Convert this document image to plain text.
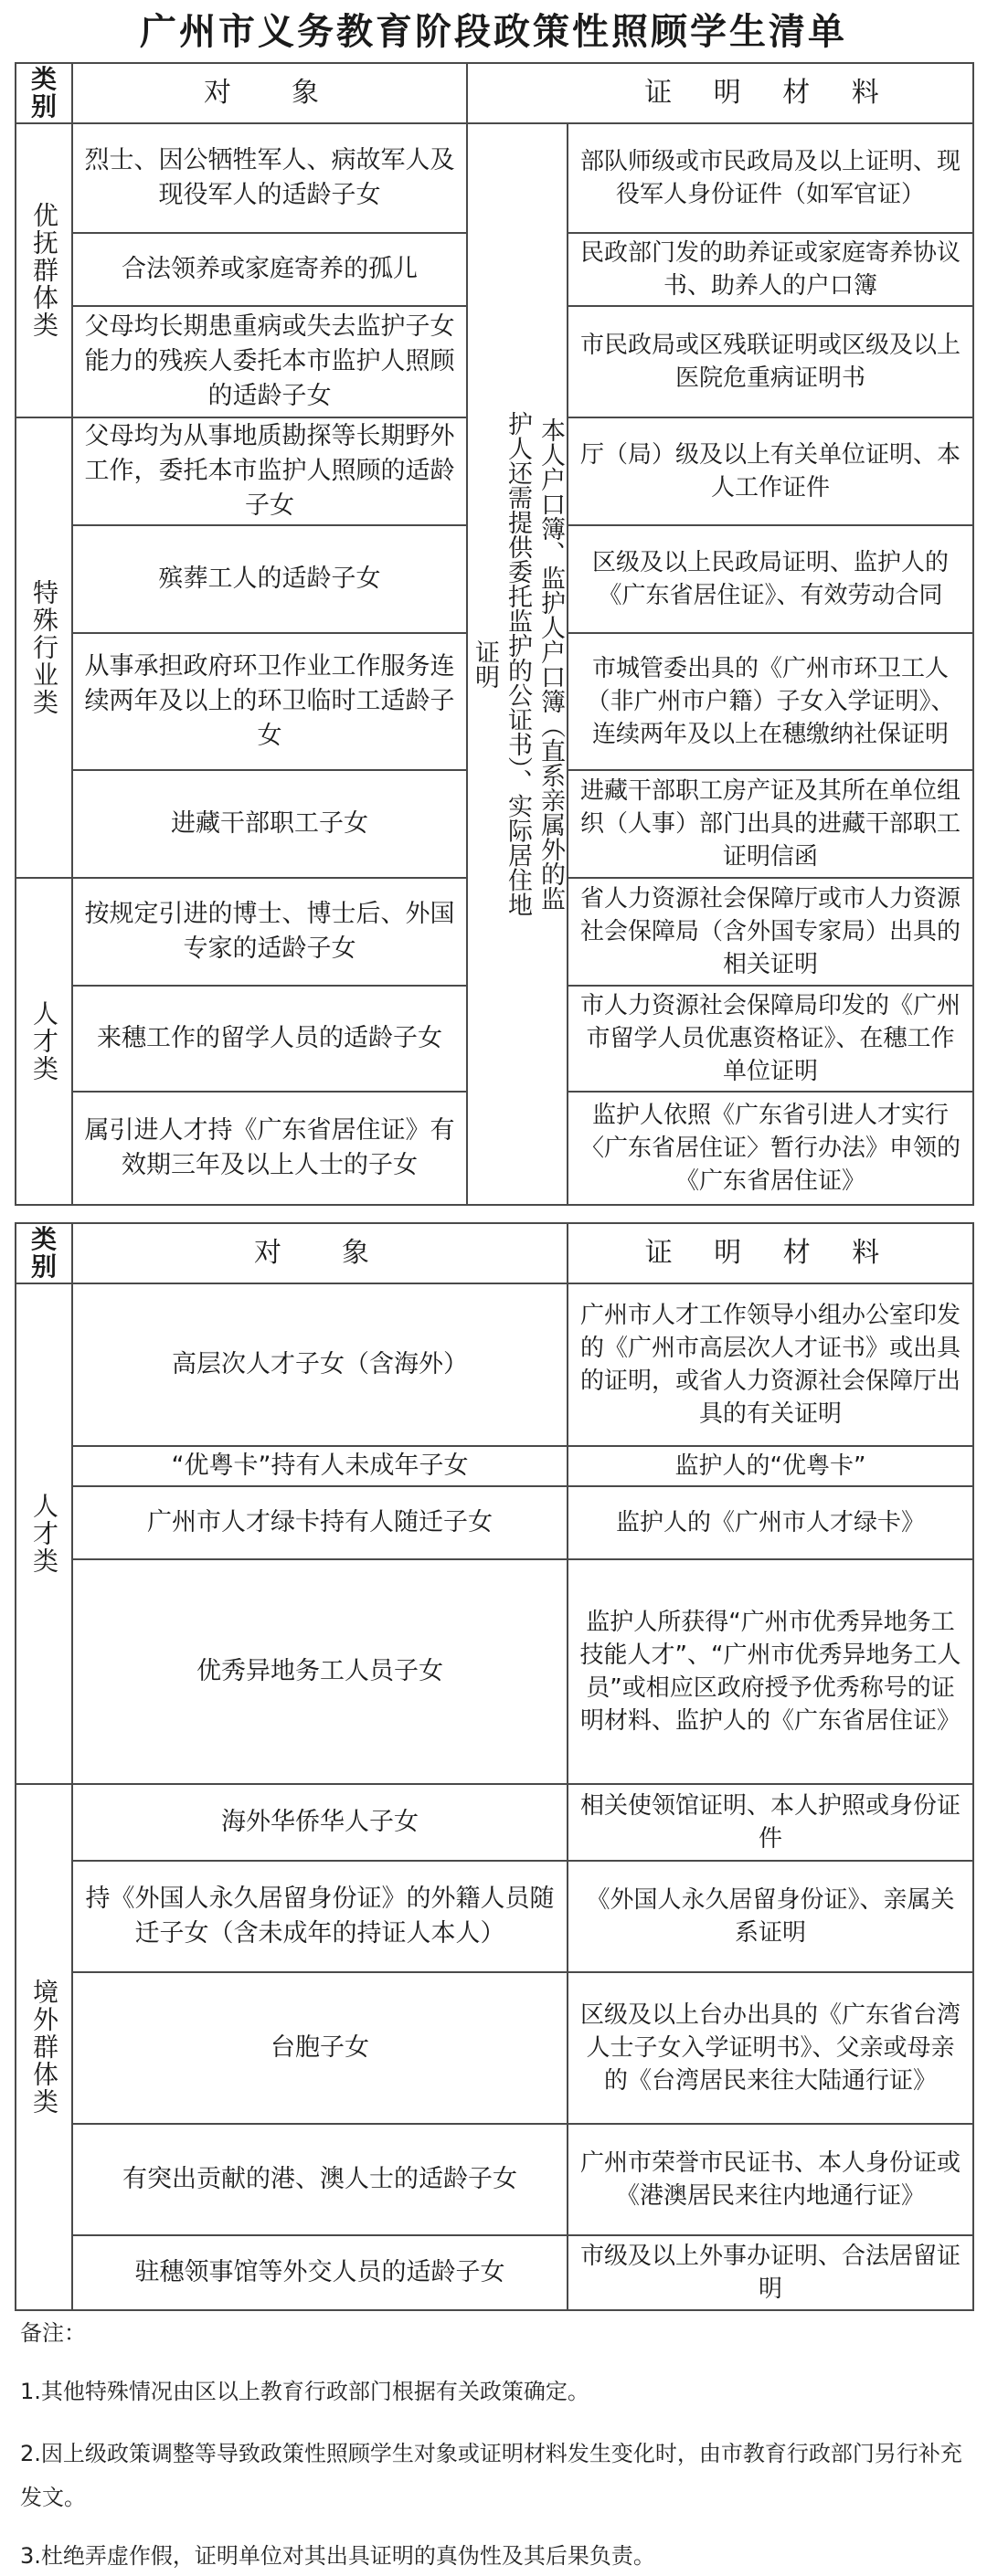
广州市义务教育阶段政策性照顾学生清单
类别	对　象		证 明 材 料

优抚群体类	烈士、因公牺牲军人、病故军人及现役军人的适龄子女	本人户口簿、监护人户口簿（直系亲属外的监护人还需提供委托监护的公证书）、实际居住地证明	部队师级或市民政局及以上证明、现役军人身份证件（如军官证）
	合法领养或家庭寄养的孤儿		民政部门发的助养证或家庭寄养协议书、助养人的户口簿
	父母均长期患重病或失去监护子女能力的残疾人委托本市监护人照顾的适龄子女		市民政局或区残联证明或区级及以上医院危重病证明书

特殊行业类	父母均为从事地质勘探等长期野外工作，委托本市监护人照顾的适龄子女		厅（局）级及以上有关单位证明、本人工作证件
	殡葬工人的适龄子女		区级及以上民政局证明、监护人的《广东省居住证》、有效劳动合同
	从事承担政府环卫作业工作服务连续两年及以上的环卫临时工适龄子女		市城管委出具的《广州市环卫工人（非广州市户籍）子女入学证明》、连续两年及以上在穗缴纳社保证明
	进藏干部职工子女		进藏干部职工房产证及其所在单位组织（人事）部门出具的进藏干部职工证明信函

人才类	按规定引进的博士、博士后、外国专家的适龄子女		省人力资源社会保障厅或市人力资源社会保障局（含外国专家局）出具的相关证明
	来穗工作的留学人员的适龄子女		市人力资源社会保障局印发的《广州市留学人员优惠资格证》、在穗工作单位证明
	属引进人才持《广东省居住证》有效期三年及以上人士的子女		监护人依照《广东省引进人才实行〈广东省居住证〉暂行办法》申领的《广东省居住证》
类别	对　象	证 明 材 料

人才类	高层次人才子女（含海外）	广州市人才工作领导小组办公室印发的《广州市高层次人才证书》或出具的证明，或省人力资源社会保障厅出具的有关证明
	“优粤卡”持有人未成年子女	监护人的“优粤卡”
	广州市人才绿卡持有人随迁子女	监护人的《广州市人才绿卡》
	优秀异地务工人员子女	监护人所获得“广州市优秀异地务工技能人才”、“广州市优秀异地务工人员”或相应区政府授予优秀称号的证明材料、监护人的《广东省居住证》

境外群体类	海外华侨华人子女	相关使领馆证明、本人护照或身份证件
	持《外国人永久居留身份证》的外籍人员随迁子女（含未成年的持证人本人）	《外国人永久居留身份证》、亲属关系证明
	台胞子女	区级及以上台办出具的《广东省台湾人士子女入学证明书》、父亲或母亲的《台湾居民来往大陆通行证》
	有突出贡献的港、澳人士的适龄子女	广州市荣誉市民证书、本人身份证或《港澳居民来往内地通行证》
	驻穗领事馆等外交人员的适龄子女	市级及以上外事办证明、合法居留证明

备注：

1.其他特殊情况由区以上教育行政部门根据有关政策确定。

2.因上级政策调整等导致政策性照顾学生对象或证明材料发生变化时，由市教育行政部门另行补充发文。

3.杜绝弄虚作假，证明单位对其出具证明的真伪性及其后果负责。
